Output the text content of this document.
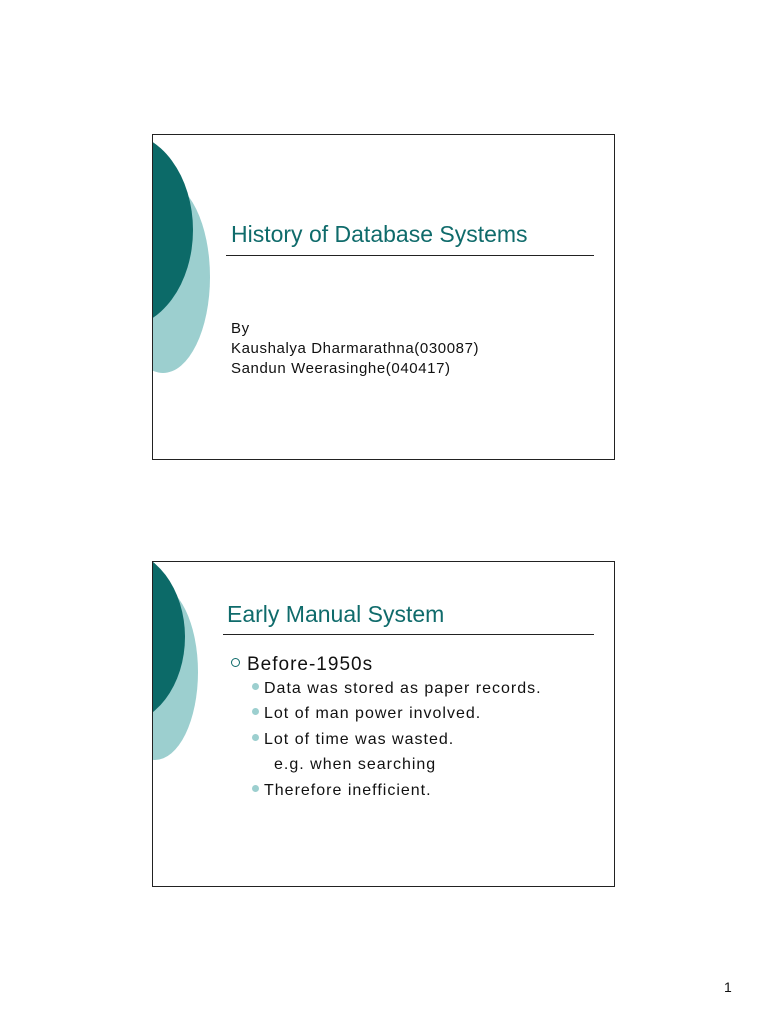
History of Database Systems
By
Kaushalya Dharmarathna(030087)
Sandun Weerasinghe(040417)
Early Manual System
Before-1950s
Data was stored as paper records.
Lot of man power involved.
Lot of time was wasted.
e.g. when searching
Therefore inefficient.
1
